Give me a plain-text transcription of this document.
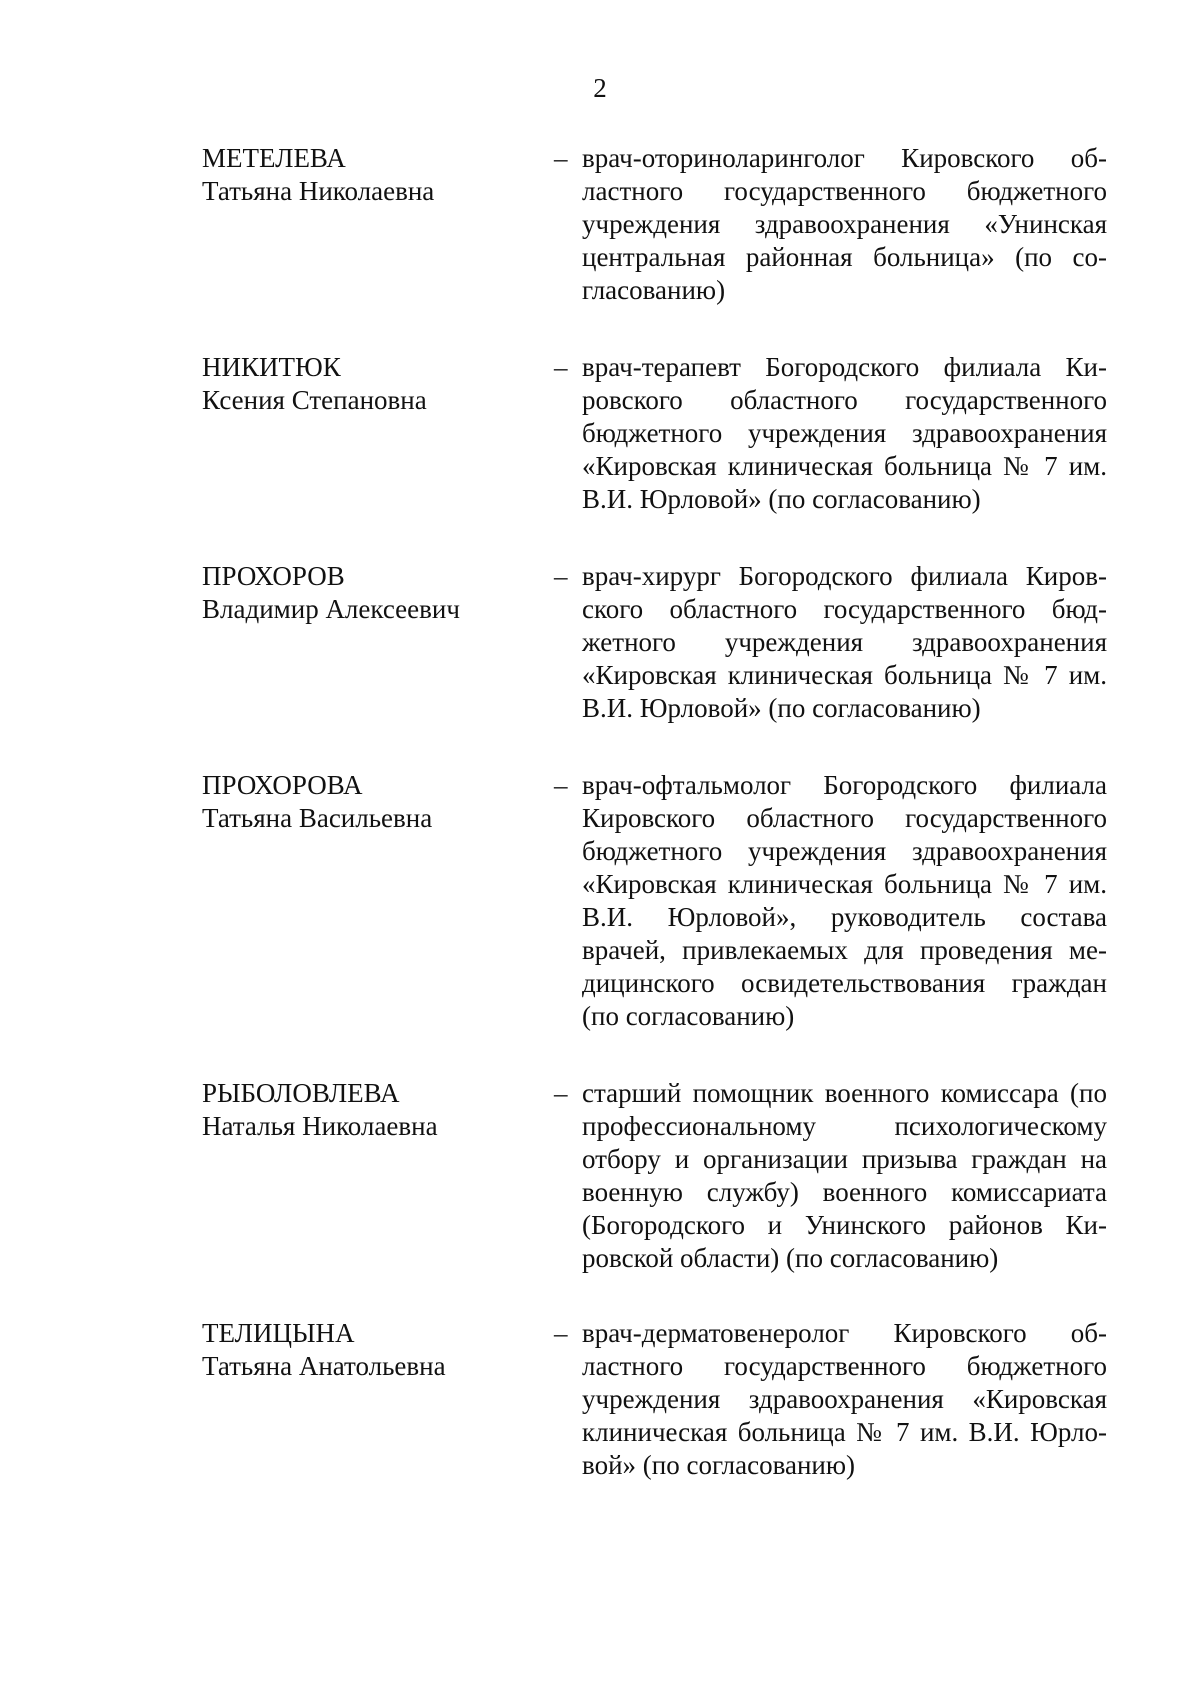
2
МЕТЕЛЕВА
Татьяна Николаевна
– врач-оториноларинголог Кировского областного государственного бюджетного учреждения здравоохранения «Унинская центральная районная больница» (по согласованию)
НИКИТЮК
Ксения Степановна
– врач-терапевт Богородского филиала Кировского областного государственного бюджетного учреждения здравоохранения «Кировская клиническая больница № 7 им. В.И. Юрловой» (по согласованию)
ПРОХОРОВ
Владимир Алексеевич
– врач-хирург Богородского филиала Кировского областного государственного бюджетного учреждения здравоохранения «Кировская клиническая больница № 7 им. В.И. Юрловой» (по согласованию)
ПРОХОРОВА
Татьяна Васильевна
– врач-офтальмолог Богородского филиала Кировского областного государственного бюджетного учреждения здравоохранения «Кировская клиническая больница № 7 им. В.И. Юрловой», руководитель состава врачей, привлекаемых для проведения медицинского освидетельствования граждан (по согласованию)
РЫБОЛОВЛЕВА
Наталья Николаевна
– старший помощник военного комиссара (по профессиональному психологическому отбору и организации призыва граждан на военную службу) военного комиссариата (Богородского и Унинского районов Кировской области) (по согласованию)
ТЕЛИЦЫНА
Татьяна Анатольевна
– врач-дерматовенеролог Кировского областного государственного бюджетного учреждения здравоохранения «Кировская клиническая больница № 7 им. В.И. Юрловой» (по согласованию)
